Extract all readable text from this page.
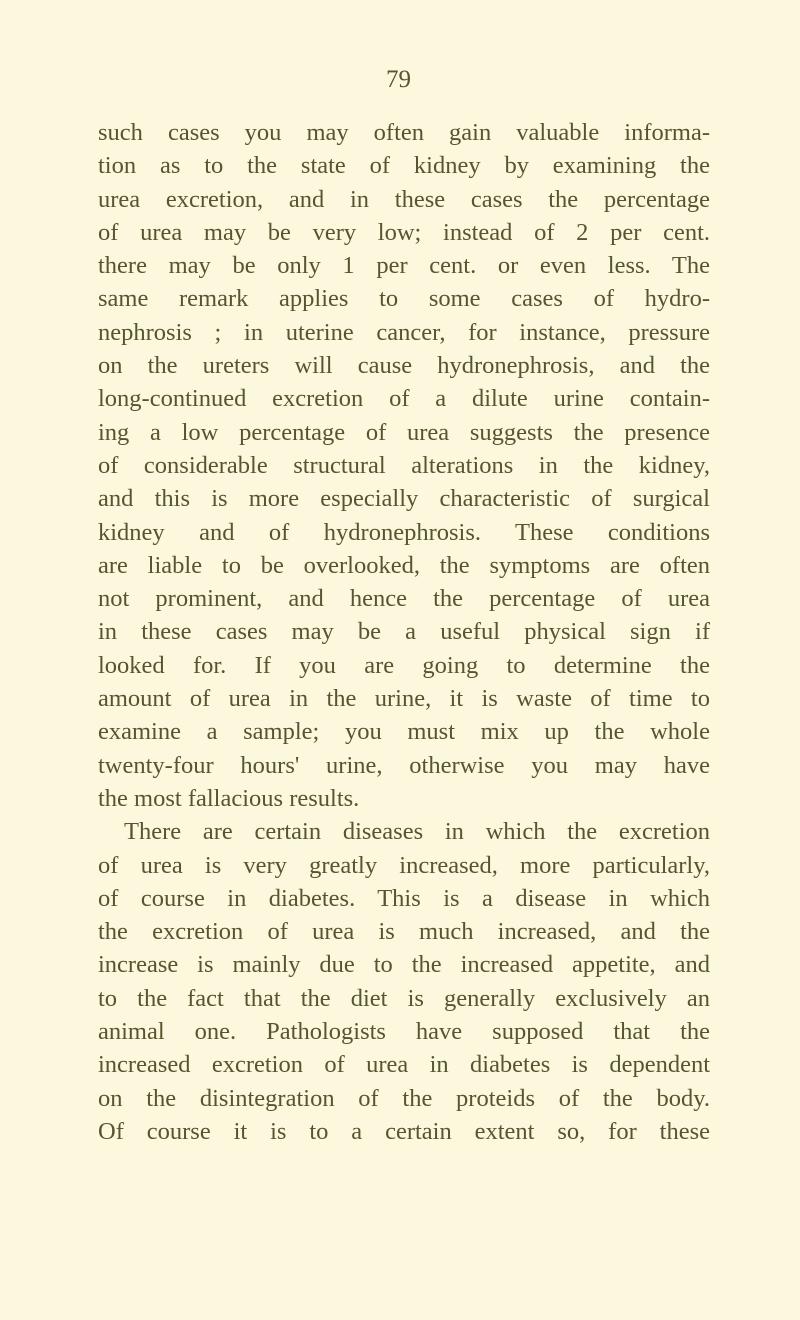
79
such cases you may often gain valuable informa-
tion as to the state of kidney by examining the
urea excretion, and in these cases the percentage
of urea may be very low; instead of 2 per cent.
there may be only 1 per cent. or even less. The
same remark applies to some cases of hydro-
nephrosis ; in uterine cancer, for instance, pressure
on the ureters will cause hydronephrosis, and the
long-continued excretion of a dilute urine contain-
ing a low percentage of urea suggests the presence
of considerable structural alterations in the kidney,
and this is more especially characteristic of surgical
kidney and of hydronephrosis. These conditions
are liable to be overlooked, the symptoms are often
not prominent, and hence the percentage of urea
in these cases may be a useful physical sign if
looked for. If you are going to determine the
amount of urea in the urine, it is waste of time to
examine a sample; you must mix up the whole
twenty-four hours' urine, otherwise you may have
the most fallacious results.
There are certain diseases in which the excretion
of urea is very greatly increased, more particularly,
of course in diabetes. This is a disease in which
the excretion of urea is much increased, and the
increase is mainly due to the increased appetite, and
to the fact that the diet is generally exclusively an
animal one. Pathologists have supposed that the
increased excretion of urea in diabetes is dependent
on the disintegration of the proteids of the body.
Of course it is to a certain extent so, for these
